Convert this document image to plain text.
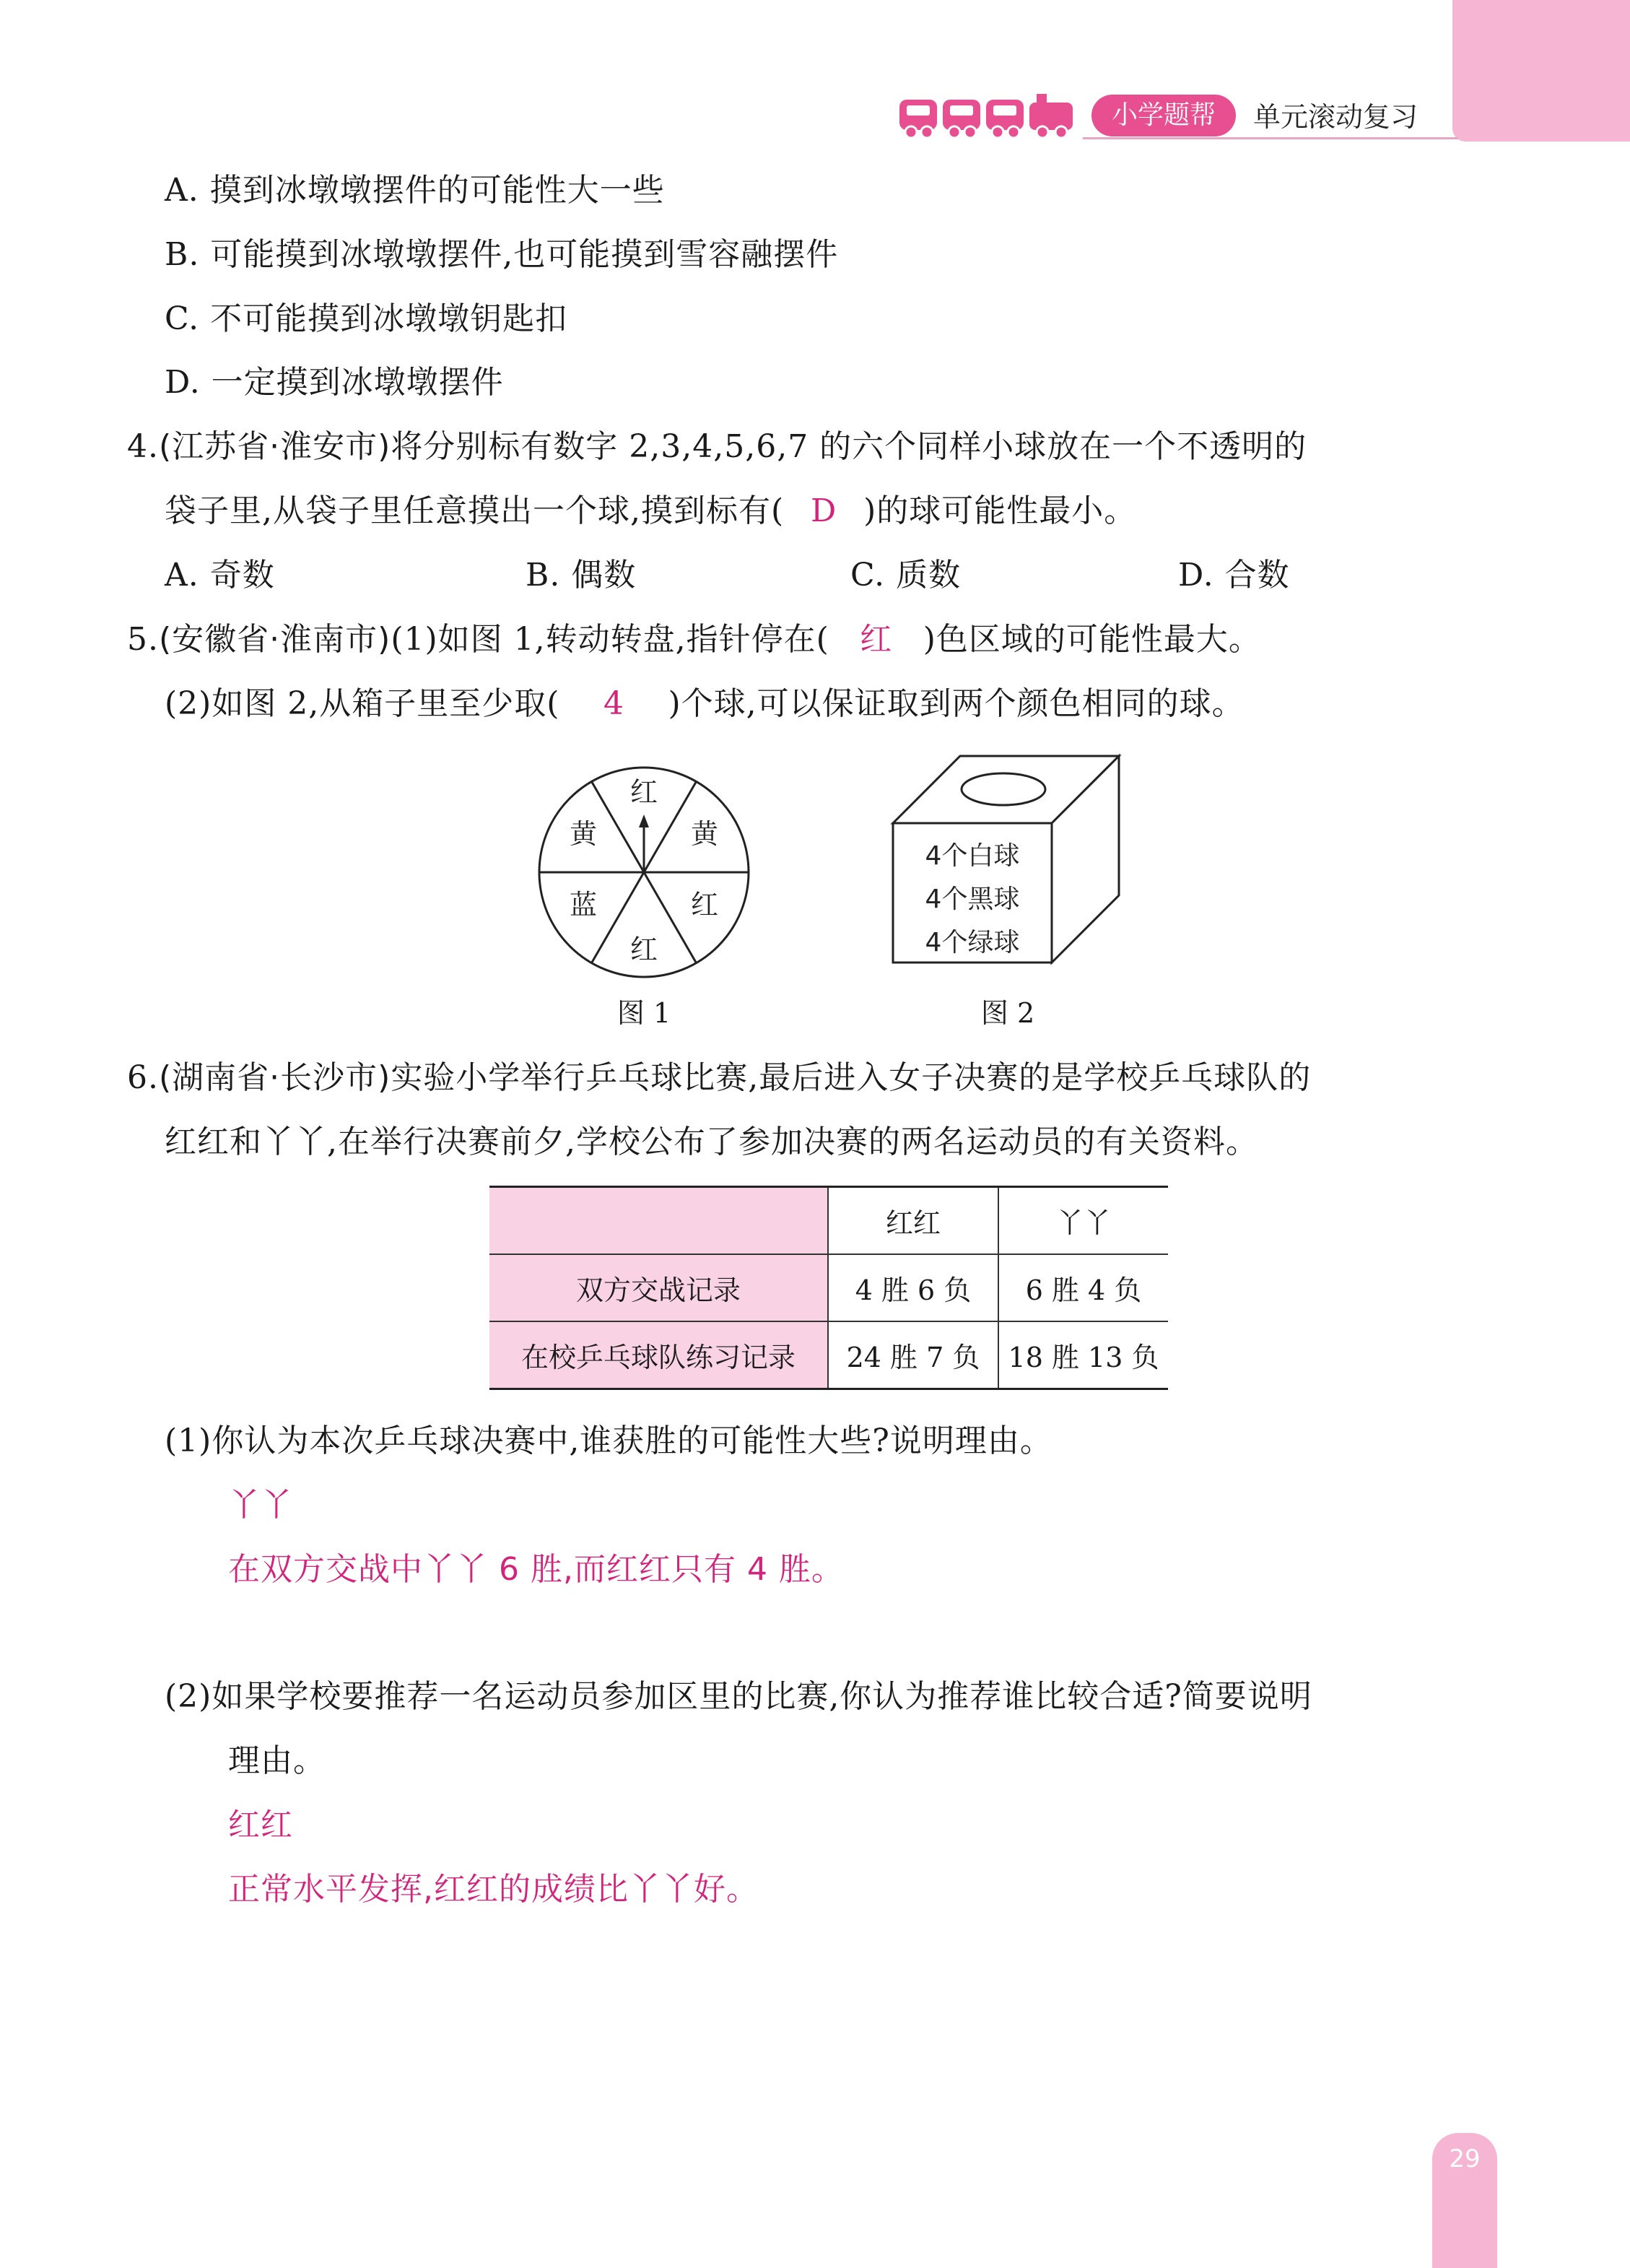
小学题帮	单元滚动复习
A. 摸到冰墩墩摆件的可能性大一些
B. 可能摸到冰墩墩摆件,也可能摸到雪容融摆件
C. 不可能摸到冰墩墩钥匙扣
D. 一定摸到冰墩墩摆件
4.(江苏省·淮安市)将分别标有数字 2,3,4,5,6,7 的六个同样小球放在一个不透明的
袋子里,从袋子里任意摸出一个球,摸到标有( D )的球可能性最小。
A. 奇数	B. 偶数	C. 质数	D. 合数
5.(安徽省·淮南市)(1)如图 1,转动转盘,指针停在( 红 )色区域的可能性最大。
(2)如图 2,从箱子里至少取( 4 )个球,可以保证取到两个颜色相同的球。
红
黄
红
红
蓝
黄
图 1
4个白球
4个黑球
4个绿球
图 2
6.(湖南省·长沙市)实验小学举行乒乓球比赛,最后进入女子决赛的是学校乒乓球队的
红红和丫丫,在举行决赛前夕,学校公布了参加决赛的两名运动员的有关资料。
	红红	丫丫
双方交战记录	4 胜 6 负	6 胜 4 负
在校乒乓球队练习记录	24 胜 7 负	18 胜 13 负
(1)你认为本次乒乓球决赛中,谁获胜的可能性大些?说明理由。
丫丫
在双方交战中丫丫 6 胜,而红红只有 4 胜。
(2)如果学校要推荐一名运动员参加区里的比赛,你认为推荐谁比较合适?简要说明
理由。
红红
正常水平发挥,红红的成绩比丫丫好。
29
